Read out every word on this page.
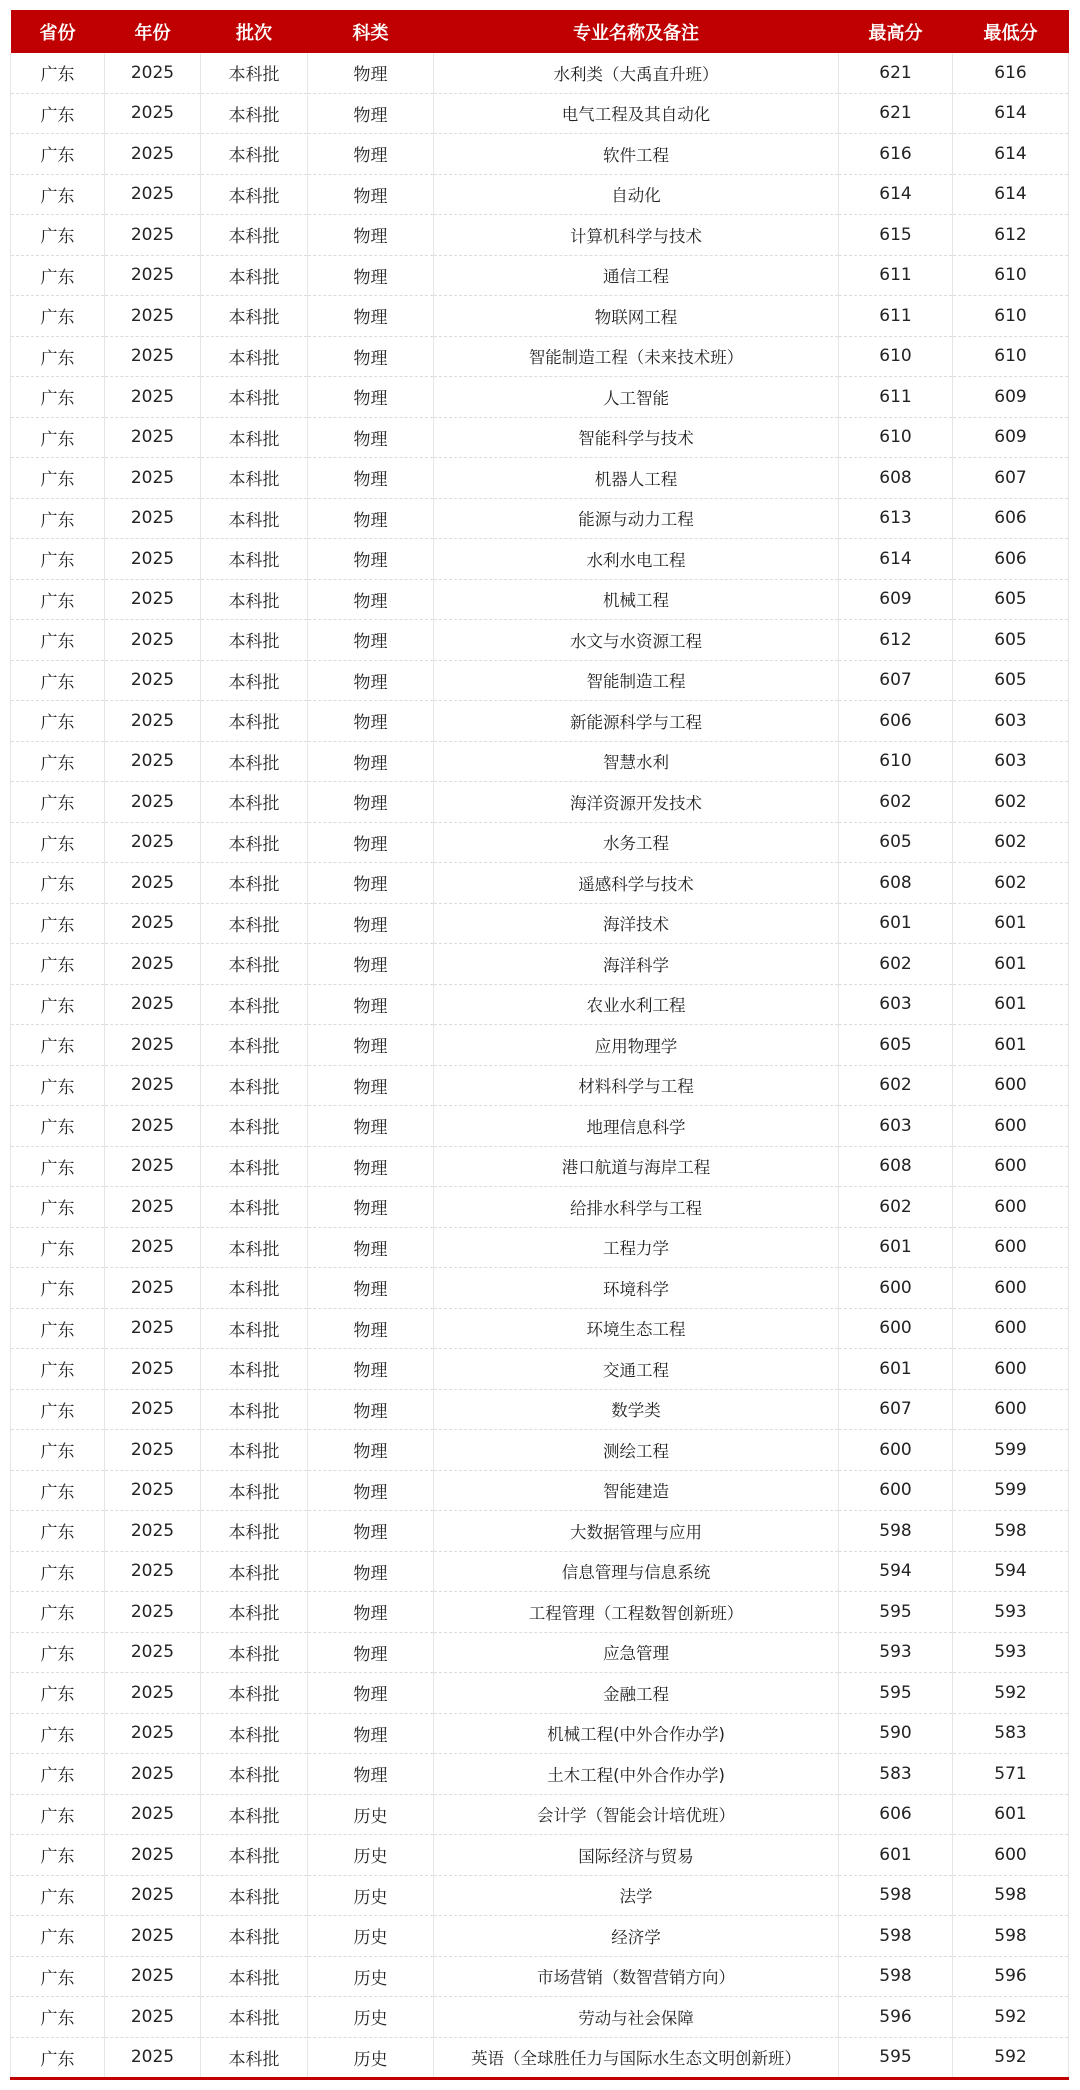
省份	年份	批次	科类	专业名称及备注	最高分	最低分
广东	2025	本科批	物理	水利类（大禹直升班）	621	616
广东	2025	本科批	物理	电气工程及其自动化	621	614
广东	2025	本科批	物理	软件工程	616	614
广东	2025	本科批	物理	自动化	614	614
广东	2025	本科批	物理	计算机科学与技术	615	612
广东	2025	本科批	物理	通信工程	611	610
广东	2025	本科批	物理	物联网工程	611	610
广东	2025	本科批	物理	智能制造工程（未来技术班）	610	610
广东	2025	本科批	物理	人工智能	611	609
广东	2025	本科批	物理	智能科学与技术	610	609
广东	2025	本科批	物理	机器人工程	608	607
广东	2025	本科批	物理	能源与动力工程	613	606
广东	2025	本科批	物理	水利水电工程	614	606
广东	2025	本科批	物理	机械工程	609	605
广东	2025	本科批	物理	水文与水资源工程	612	605
广东	2025	本科批	物理	智能制造工程	607	605
广东	2025	本科批	物理	新能源科学与工程	606	603
广东	2025	本科批	物理	智慧水利	610	603
广东	2025	本科批	物理	海洋资源开发技术	602	602
广东	2025	本科批	物理	水务工程	605	602
广东	2025	本科批	物理	遥感科学与技术	608	602
广东	2025	本科批	物理	海洋技术	601	601
广东	2025	本科批	物理	海洋科学	602	601
广东	2025	本科批	物理	农业水利工程	603	601
广东	2025	本科批	物理	应用物理学	605	601
广东	2025	本科批	物理	材料科学与工程	602	600
广东	2025	本科批	物理	地理信息科学	603	600
广东	2025	本科批	物理	港口航道与海岸工程	608	600
广东	2025	本科批	物理	给排水科学与工程	602	600
广东	2025	本科批	物理	工程力学	601	600
广东	2025	本科批	物理	环境科学	600	600
广东	2025	本科批	物理	环境生态工程	600	600
广东	2025	本科批	物理	交通工程	601	600
广东	2025	本科批	物理	数学类	607	600
广东	2025	本科批	物理	测绘工程	600	599
广东	2025	本科批	物理	智能建造	600	599
广东	2025	本科批	物理	大数据管理与应用	598	598
广东	2025	本科批	物理	信息管理与信息系统	594	594
广东	2025	本科批	物理	工程管理（工程数智创新班）	595	593
广东	2025	本科批	物理	应急管理	593	593
广东	2025	本科批	物理	金融工程	595	592
广东	2025	本科批	物理	机械工程(中外合作办学)	590	583
广东	2025	本科批	物理	土木工程(中外合作办学)	583	571
广东	2025	本科批	历史	会计学（智能会计培优班）	606	601
广东	2025	本科批	历史	国际经济与贸易	601	600
广东	2025	本科批	历史	法学	598	598
广东	2025	本科批	历史	经济学	598	598
广东	2025	本科批	历史	市场营销（数智营销方向）	598	596
广东	2025	本科批	历史	劳动与社会保障	596	592
广东	2025	本科批	历史	英语（全球胜任力与国际水生态文明创新班）	595	592
